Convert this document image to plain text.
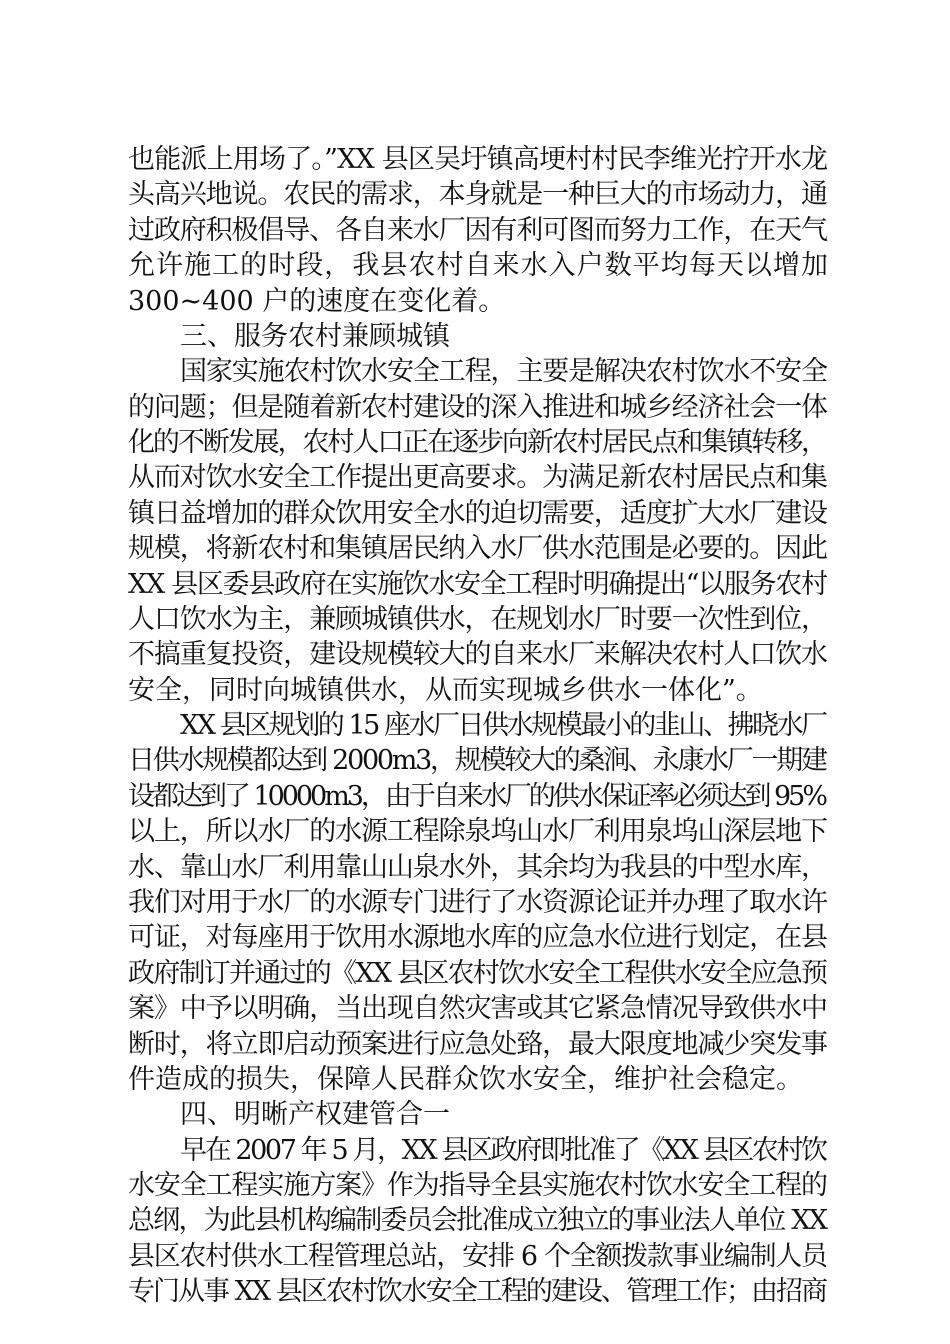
也能派上用场了。”XX 县区吴圩镇高埂村村民李维光拧开水龙
头高兴地说。农民的需求，本身就是一种巨大的市场动力，通
过政府积极倡导、各自来水厂因有利可图而努力工作，在天气
允许施工的时段，我县农村自来水入户数平均每天以增加
300~400 户的速度在变化着。
三、服务农村兼顾城镇
国家实施农村饮水安全工程，主要是解决农村饮水不安全
的问题；但是随着新农村建设的深入推进和城乡经济社会一体
化的不断发展，农村人口正在逐步向新农村居民点和集镇转移，
从而对饮水安全工作提出更高要求。为满足新农村居民点和集
镇日益增加的群众饮用安全水的迫切需要，适度扩大水厂建设
规模，将新农村和集镇居民纳入水厂供水范围是必要的。因此
XX 县区委县政府在实施饮水安全工程时明确提出“以服务农村
人口饮水为主，兼顾城镇供水，在规划水厂时要一次性到位，
不搞重复投资，建设规模较大的自来水厂来解决农村人口饮水
安全，同时向城镇供水，从而实现城乡供水一体化”。
XX 县区规划的 15 座水厂日供水规模最小的韭山、拂晓水厂
日供水规模都达到 2000m3，规模较大的桑涧、永康水厂一期建
设都达到了 10000m3，由于自来水厂的供水保证率必须达到 95%
以上，所以水厂的水源工程除泉坞山水厂利用泉坞山深层地下
水、靠山水厂利用靠山山泉水外，其余均为我县的中型水库，
我们对用于水厂的水源专门进行了水资源论证并办理了取水许
可证，对每座用于饮用水源地水库的应急水位进行划定，在县
政府制订并通过的《XX 县区农村饮水安全工程供水安全应急预
案》中予以明确，当出现自然灾害或其它紧急情况导致供水中
断时，将立即启动预案进行应急处臵，最大限度地减少突发事
件造成的损失，保障人民群众饮水安全，维护社会稳定。
四、明晰产权建管合一
早在 2007 年 5 月，XX 县区政府即批准了《XX 县区农村饮
水安全工程实施方案》作为指导全县实施农村饮水安全工程的
总纲，为此县机构编制委员会批准成立独立的事业法人单位 XX
县区农村供水工程管理总站，安排 6 个全额拨款事业编制人员
专门从事 XX 县区农村饮水安全工程的建设、管理工作；由招商
